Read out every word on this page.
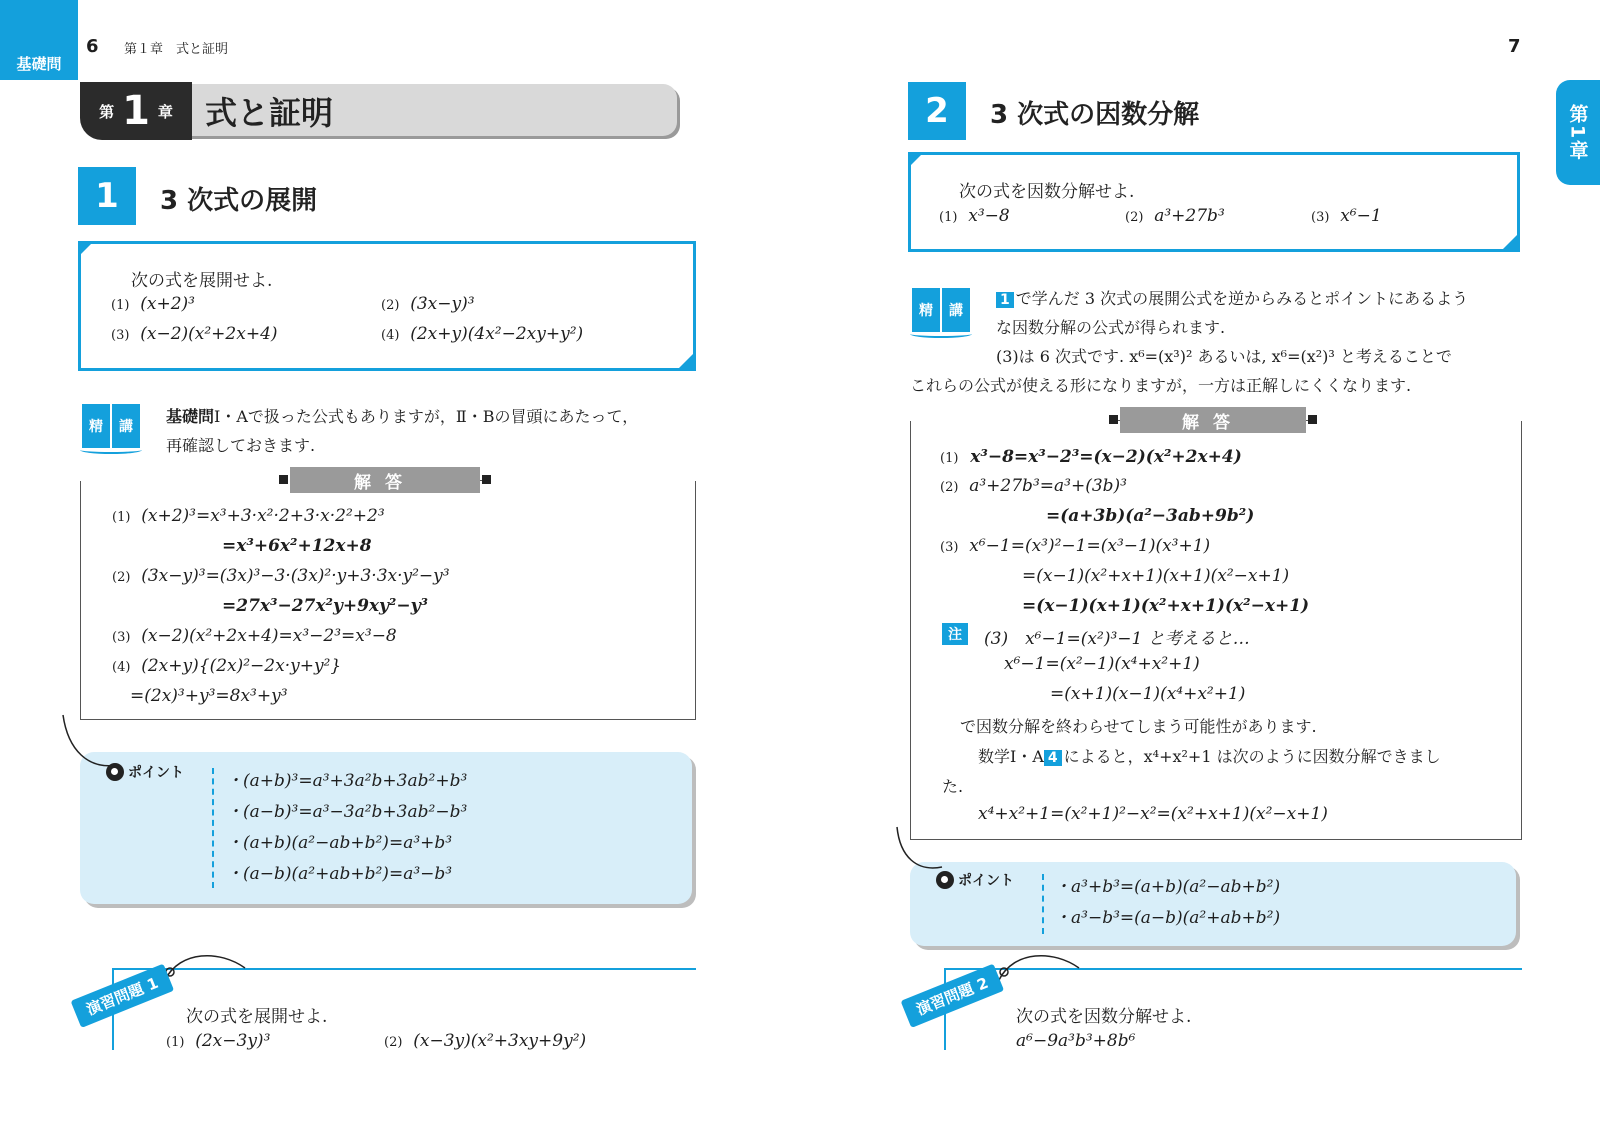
基礎問
6 第１章　式と証明
第 1 章 式と証明
1	3 次式の展開
次の式を展開せよ.
(1) (x+2)³	(2) (3x−y)³
(3) (x−2)(x²+2x+4)	(4) (2x+y)(4x²−2xy+y²)
精	講
基礎問Ⅰ・Aで扱った公式もありますが，Ⅱ・Bの冒頭にあたって，
再確認しておきます.
解答
(1) (x+2)³=x³+3·x²·2+3·x·2²+2³
=x³+6x²+12x+8
(2) (3x−y)³=(3x)³−3·(3x)²·y+3·3x·y²−y³
=27x³−27x²y+9xy²−y³
(3) (x−2)(x²+2x+4)=x³−2³=x³−8
(4) (2x+y){(2x)²−2x·y+y²}
=(2x)³+y³=8x³+y³
ポイント ・(a+b)³=a³+3a²b+3ab²+b³
・(a−b)³=a³−3a²b+3ab²−b³
・(a+b)(a²−ab+b²)=a³+b³
・(a−b)(a²+ab+b²)=a³−b³
演習問題 1	次の式を展開せよ.
(1) (2x−3y)³	(2) (x−3y)(x²+3xy+9y²)
7
第1章
2	3 次式の因数分解
次の式を因数分解せよ.
(1) x³−8	(2) a³+27b³	(3) x⁶−1
精	講
1 で学んだ 3 次式の展開公式を逆からみるとポイントにあるよう
な因数分解の公式が得られます.
(3)は 6 次式です. x⁶=(x³)² あるいは, x⁶=(x²)³ と考えることで
これらの公式が使える形になりますが，一方は正解しにくくなります.
解答
(1) x³−8=x³−2³=(x−2)(x²+2x+4)
(2) a³+27b³=a³+(3b)³
=(a+3b)(a²−3ab+9b²)
(3) x⁶−1=(x³)²−1=(x³−1)(x³+1)
=(x−1)(x²+x+1)(x+1)(x²−x+1)
=(x−1)(x+1)(x²+x+1)(x²−x+1)
注	(3)　x⁶−1=(x²)³−1 と考えると…
x⁶−1=(x²−1)(x⁴+x²+1)
=(x+1)(x−1)(x⁴+x²+1)
で因数分解を終わらせてしまう可能性があります.
数学Ⅰ・A 4 によると，x⁴+x²+1 は次のように因数分解できまし
た.
x⁴+x²+1=(x²+1)²−x²=(x²+x+1)(x²−x+1)
ポイント ・a³+b³=(a+b)(a²−ab+b²)
・a³−b³=(a−b)(a²+ab+b²)
演習問題 2	次の式を因数分解せよ.
a⁶−9a³b³+8b⁶
